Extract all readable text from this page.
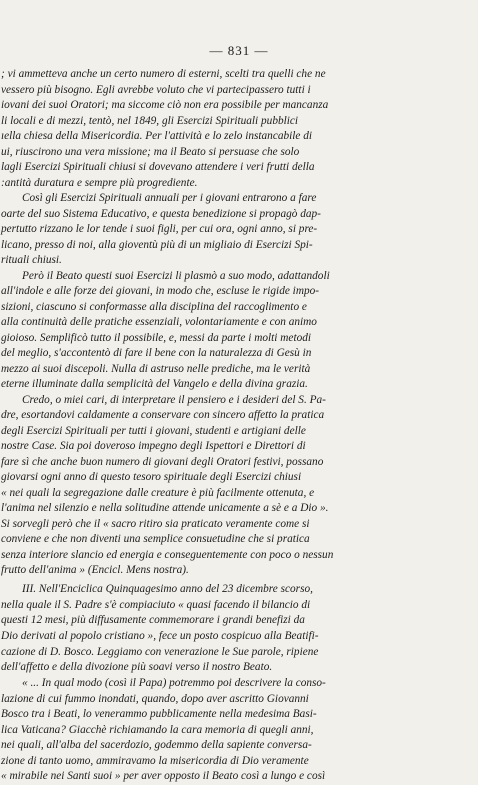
— 831 —
; vi ammetteva anche un certo numero di esterni, scelti tra quelli che ne
vessero più bisogno. Egli avrebbe voluto che vi partecipassero tutti i
iovani dei suoi Oratori; ma siccome ciò non era possibile per mancanza
li locali e di mezzi, tentò, nel 1849, gli Esercizi Spirituali pubblici
ıella chiesa della Misericordia. Per l'attività e lo zelo instancabile di
ui, riuscirono una vera missione; ma il Beato si persuase che solo
lagli Esercizi Spirituali chiusi si dovevano attendere i veri frutti della
:antità duratura e sempre più progrediente.
Così gli Esercizi Spirituali annuali per i giovani entrarono a fare
oarte del suo Sistema Educativo, e questa benedizione si propagò dap-
pertutto rizzano le lor tende i suoi figli, per cui ora, ogni anno, si pre-
licano, presso di noi, alla gioventù più di un migliaio di Esercizi Spi-
rituali chiusi.
Però il Beato questi suoi Esercizi li plasmò a suo modo, adattandoli
all'indole e alle forze dei giovani, in modo che, escluse le rigide impo-
sizioni, ciascuno si conformasse alla disciplina del raccoglimento e
alla continuità delle pratiche essenziali, volontariamente e con animo
gioioso. Semplificò tutto il possibile, e, messi da parte i molti metodi
del meglio, s'accontentò di fare il bene con la naturalezza di Gesù in
mezzo ai suoi discepoli. Nulla di astruso nelle prediche, ma le verità
eterne illuminate dalla semplicità del Vangelo e della divina grazia.
Credo, o miei cari, di interpretare il pensiero e i desideri del S. Pa-
dre, esortandovi caldamente a conservare con sincero affetto la pratica
degli Esercizi Spirituali per tutti i giovani, studenti e artigiani delle
nostre Case. Sia poi doveroso impegno degli Ispettori e Direttori di
fare sì che anche buon numero di giovani degli Oratori festivi, possano
giovarsi ogni anno di questo tesoro spirituale degli Esercizi chiusi
« nei quali la segregazione dalle creature è più facilmente ottenuta, e
l'anima nel silenzio e nella solitudine attende unicamente a sè e a Dio ».
Si sorvegli però che il « sacro ritiro sia praticato veramente come si
conviene e che non diventi una semplice consuetudine che si pratica
senza interiore slancio ed energia e conseguentemente con poco o nessun
frutto dell'anima » (Encicl. Mens nostra).
III. Nell'Enciclica Quinquagesimo anno del 23 dicembre scorso,
nella quale il S. Padre s'è compiaciuto « quasi facendo il bilancio di
questi 12 mesi, più diffusamente commemorare i grandi benefizi da
Dio derivati al popolo cristiano », fece un posto cospicuo alla Beatifi-
cazione di D. Bosco. Leggiamo con venerazione le Sue parole, ripiene
dell'affetto e della divozione più soavi verso il nostro Beato.
« ... In qual modo (così il Papa) potremmo poi descrivere la conso-
lazione di cui fummo inondati, quando, dopo aver ascritto Giovanni
Bosco tra i Beati, lo venerammo pubblicamente nella medesima Basi-
lica Vaticana? Giacchè richiamando la cara memoria di quegli anni,
nei quali, all'alba del sacerdozio, godemmo della sapiente conversa-
zione di tanto uomo, ammiravamo la misericordia di Dio veramente
« mirabile nei Santi suoi » per aver opposto il Beato così a lungo e così
